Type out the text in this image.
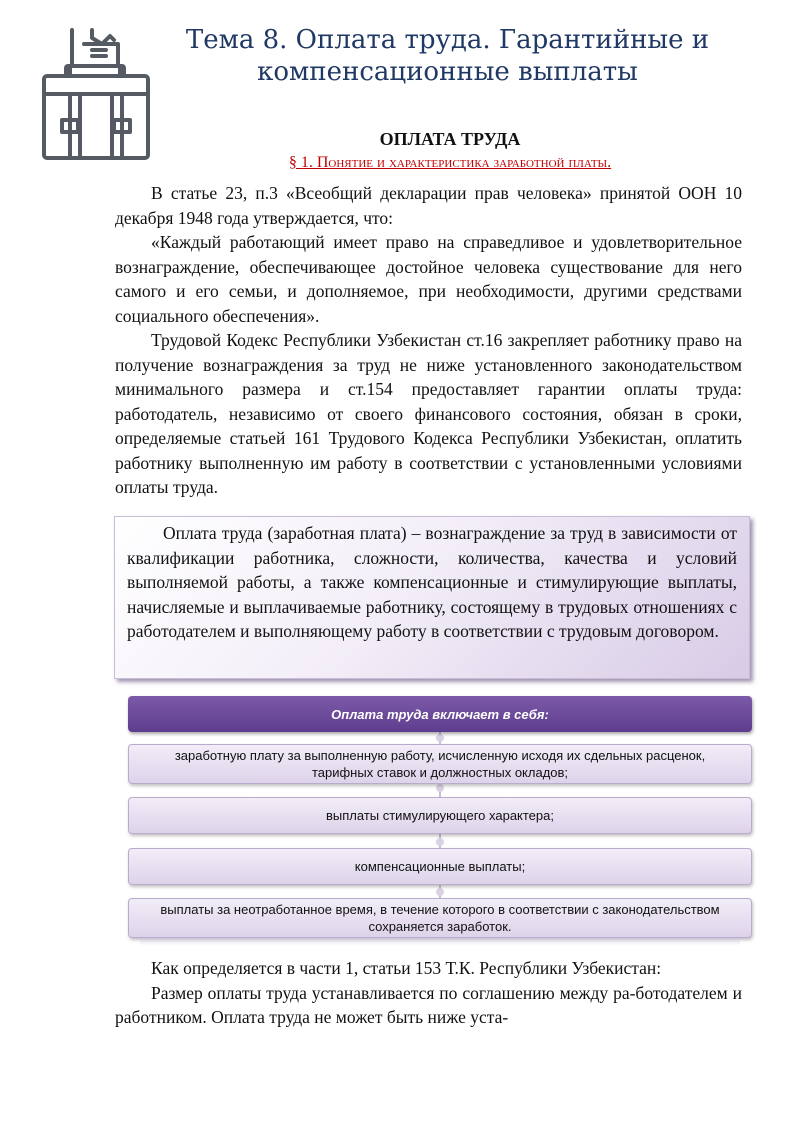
Тема 8. Оплата труда. Гарантийные и
компенсационные выплаты
ОПЛАТА ТРУДА
§ 1. Понятие и характеристика заработной платы.

В статье 23, п.3 «Всеобщий декларации прав человека» принятой ООН 10 декабря 1948 года утверждается, что:

«Каждый работающий имеет право на справедливое и удовлетворительное вознаграждение, обеспечивающее достойное человека существование для него самого и его семьи, и дополняемое, при необходимости, другими средствами социального обеспечения».

Трудовой Кодекс Республики Узбекистан ст.16 закрепляет работнику право на получение вознаграждения за труд не ниже установленного законодательством минимального размера и ст.154 предоставляет гарантии оплаты труда: работодатель, независимо от своего финансового состояния, обязан в сроки, определяемые статьей 161 Трудового Кодекса Республики Узбекистан, оплатить работнику выполненную им работу в соответствии с установленными условиями оплаты труда.

Оплата труда (заработная плата) – вознаграждение за труд в зависимости от квалификации работника, сложности, количества, качества и условий выполняемой работы, а также компенсационные и стимулирующие выплаты, начисляемые и выплачиваемые работнику, состоящему в трудовых отношениях с работодателем и выполняющему работу в соответствии с трудовым договором.

Оплата труда включает в себя:
заработную плату за выполненную работу, исчисленную исходя их сдельных расценок, тарифных ставок и должностных окладов;
выплаты стимулирующего характера;
компенсационные выплаты;
выплаты за неотработанное время, в течение которого в соответствии с законодательством сохраняется заработок.

Как определяется в части 1, статьи 153 Т.К. Республики Узбекистан:

Размер оплаты труда устанавливается по соглашению между ра-ботодателем и работником. Оплата труда не может быть ниже уста-
